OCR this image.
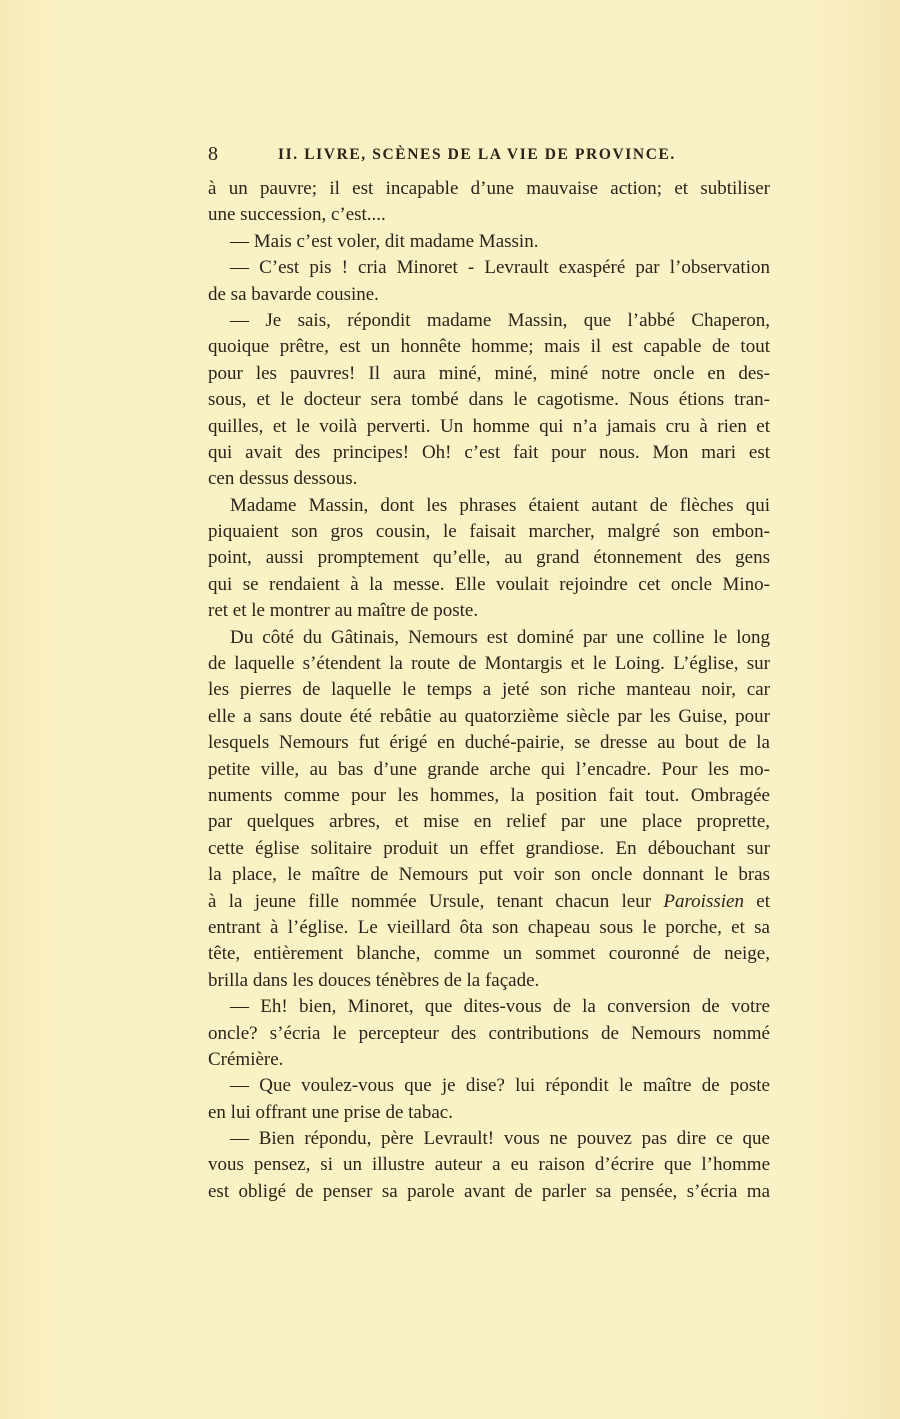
8	II. LIVRE, SCÈNES DE LA VIE DE PROVINCE.
à un pauvre; il est incapable d’une mauvaise action; et subtiliser
une succession, c’est....
— Mais c’est voler, dit madame Massin.
— C’est pis ! cria Minoret - Levrault exaspéré par l’observation
de sa bavarde cousine.
— Je sais, répondit madame Massin, que l’abbé Chaperon,
quoique prêtre, est un honnête homme; mais il est capable de tout
pour les pauvres! Il aura miné, miné, miné notre oncle en des-
sous, et le docteur sera tombé dans le cagotisme. Nous étions tran-
quilles, et le voilà perverti. Un homme qui n’a jamais cru à rien et
qui avait des principes! Oh! c’est fait pour nous. Mon mari est
cen dessus dessous.
Madame Massin, dont les phrases étaient autant de flèches qui
piquaient son gros cousin, le faisait marcher, malgré son embon-
point, aussi promptement qu’elle, au grand étonnement des gens
qui se rendaient à la messe. Elle voulait rejoindre cet oncle Mino-
ret et le montrer au maître de poste.
Du côté du Gâtinais, Nemours est dominé par une colline le long
de laquelle s’étendent la route de Montargis et le Loing. L’église, sur
les pierres de laquelle le temps a jeté son riche manteau noir, car
elle a sans doute été rebâtie au quatorzième siècle par les Guise, pour
lesquels Nemours fut érigé en duché-pairie, se dresse au bout de la
petite ville, au bas d’une grande arche qui l’encadre. Pour les mo-
numents comme pour les hommes, la position fait tout. Ombragée
par quelques arbres, et mise en relief par une place proprette,
cette église solitaire produit un effet grandiose. En débouchant sur
la place, le maître de Nemours put voir son oncle donnant le bras
à la jeune fille nommée Ursule, tenant chacun leur Paroissien et
entrant à l’église. Le vieillard ôta son chapeau sous le porche, et sa
tête, entièrement blanche, comme un sommet couronné de neige,
brilla dans les douces ténèbres de la façade.
— Eh! bien, Minoret, que dites-vous de la conversion de votre
oncle? s’écria le percepteur des contributions de Nemours nommé
Crémière.
— Que voulez-vous que je dise? lui répondit le maître de poste
en lui offrant une prise de tabac.
— Bien répondu, père Levrault! vous ne pouvez pas dire ce que
vous pensez, si un illustre auteur a eu raison d’écrire que l’homme
est obligé de penser sa parole avant de parler sa pensée, s’écria ma
